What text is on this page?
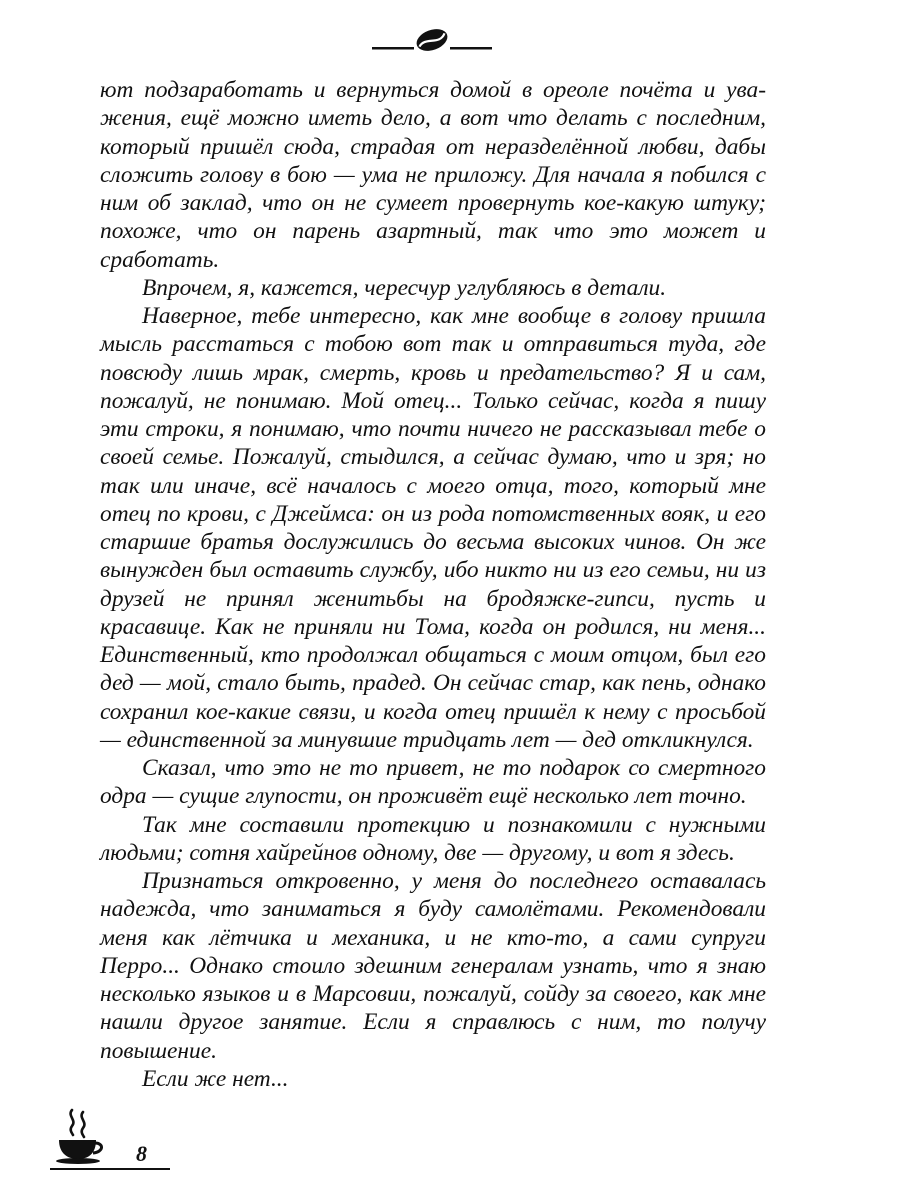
ют подзаработать и вернуться домой в ореоле почёта и уважения, ещё можно иметь дело, а вот что делать с последним, который пришёл сюда, страдая от неразделённой любви, дабы сложить голову в бою — ума не приложу. Для начала я побился с ним об заклад, что он не сумеет провернуть кое-какую штуку; похоже, что он парень азартный, так что это может и сработать.

Впрочем, я, кажется, чересчур углубляюсь в детали.

Наверное, тебе интересно, как мне вообще в голову пришла мысль расстаться с тобою вот так и отправиться туда, где повсюду лишь мрак, смерть, кровь и предательство? Я и сам, пожалуй, не понимаю. Мой отец... Только сейчас, когда я пишу эти строки, я понимаю, что почти ничего не рассказывал тебе о своей семье. Пожалуй, стыдился, а сейчас думаю, что и зря; но так или иначе, всё началось с моего отца, того, который мне отец по крови, с Джеймса: он из рода потомственных вояк, и его старшие братья дослужились до весьма высоких чинов. Он же вынужден был оставить службу, ибо никто ни из его семьи, ни из друзей не принял женитьбы на бродяжке-гипси, пусть и красавице. Как не приняли ни Тома, когда он родился, ни меня... Единственный, кто продолжал общаться с моим отцом, был его дед — мой, стало быть, прадед. Он сейчас стар, как пень, однако сохранил кое-какие связи, и когда отец пришёл к нему с просьбой — единственной за минувшие тридцать лет — дед откликнулся.

Сказал, что это не то привет, не то подарок со смертного одра — сущие глупости, он проживёт ещё несколько лет точно.

Так мне составили протекцию и познакомили с нужными людьми; сотня хайрейнов одному, две — другому, и вот я здесь.

Признаться откровенно, у меня до последнего оставалась надежда, что заниматься я буду самолётами. Рекомендовали меня как лётчика и механика, и не кто-то, а сами супруги Перро... Однако стоило здешним генералам узнать, что я знаю несколько языков и в Марсовии, пожалуй, сойду за своего, как мне нашли другое занятие. Если я справлюсь с ним, то получу повышение.

Если же нет...

8
